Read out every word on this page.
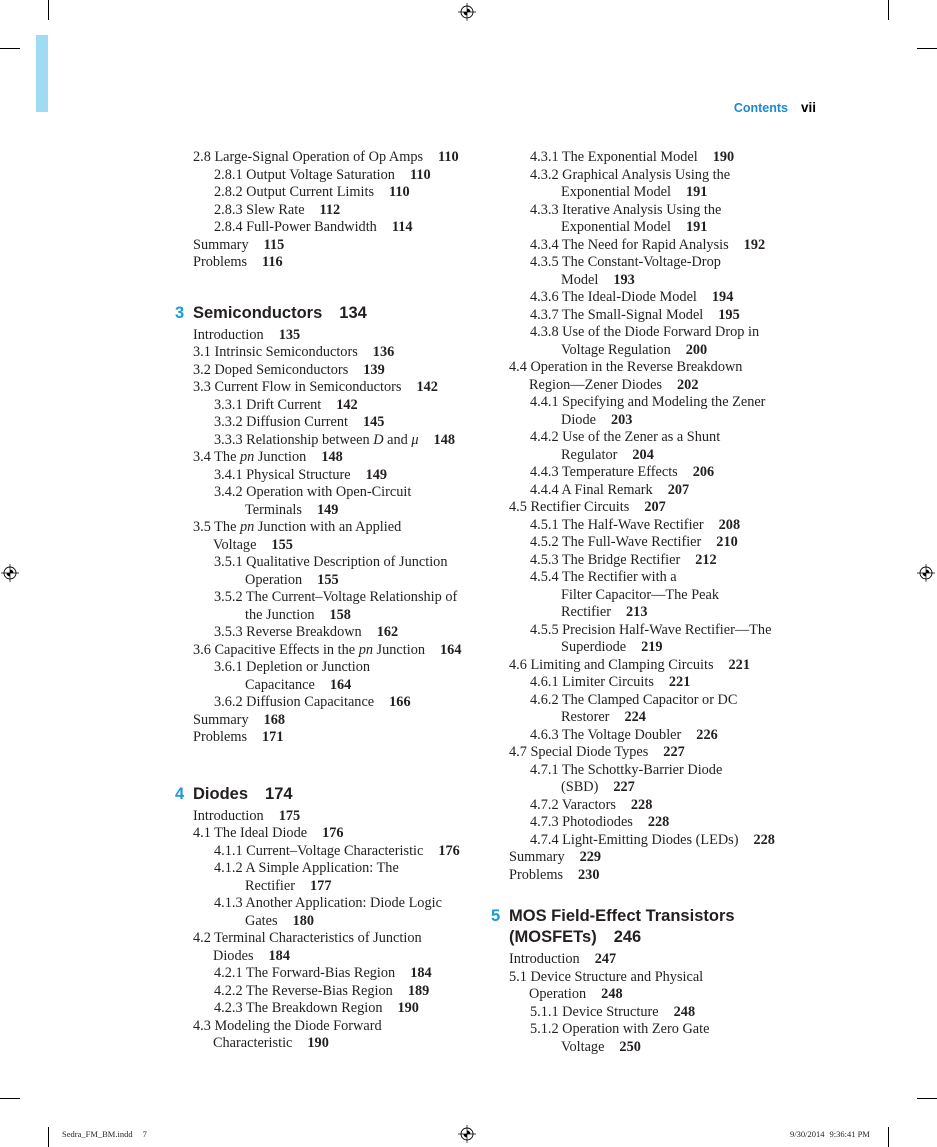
Contents vii
2.8 Large-Signal Operation of Op Amps 110
2.8.1 Output Voltage Saturation 110
2.8.2 Output Current Limits 110
2.8.3 Slew Rate 112
2.8.4 Full-Power Bandwidth 114
Summary 115
Problems 116
3 Semiconductors 134
Introduction 135
3.1 Intrinsic Semiconductors 136
3.2 Doped Semiconductors 139
3.3 Current Flow in Semiconductors 142
3.3.1 Drift Current 142
3.3.2 Diffusion Current 145
3.3.3 Relationship between D and μ 148
3.4 The pn Junction 148
3.4.1 Physical Structure 149
3.4.2 Operation with Open-Circuit
Terminals 149
3.5 The pn Junction with an Applied
Voltage 155
3.5.1 Qualitative Description of Junction
Operation 155
3.5.2 The Current–Voltage Relationship of
the Junction 158
3.5.3 Reverse Breakdown 162
3.6 Capacitive Effects in the pn Junction 164
3.6.1 Depletion or Junction
Capacitance 164
3.6.2 Diffusion Capacitance 166
Summary 168
Problems 171
4 Diodes 174
Introduction 175
4.1 The Ideal Diode 176
4.1.1 Current–Voltage Characteristic 176
4.1.2 A Simple Application: The
Rectifier 177
4.1.3 Another Application: Diode Logic
Gates 180
4.2 Terminal Characteristics of Junction
Diodes 184
4.2.1 The Forward-Bias Region 184
4.2.2 The Reverse-Bias Region 189
4.2.3 The Breakdown Region 190
4.3 Modeling the Diode Forward
Characteristic 190
4.3.1 The Exponential Model 190
4.3.2 Graphical Analysis Using the
Exponential Model 191
4.3.3 Iterative Analysis Using the
Exponential Model 191
4.3.4 The Need for Rapid Analysis 192
4.3.5 The Constant-Voltage-Drop
Model 193
4.3.6 The Ideal-Diode Model 194
4.3.7 The Small-Signal Model 195
4.3.8 Use of the Diode Forward Drop in
Voltage Regulation 200
4.4 Operation in the Reverse Breakdown
Region—Zener Diodes 202
4.4.1 Specifying and Modeling the Zener
Diode 203
4.4.2 Use of the Zener as a Shunt
Regulator 204
4.4.3 Temperature Effects 206
4.4.4 A Final Remark 207
4.5 Rectifier Circuits 207
4.5.1 The Half-Wave Rectifier 208
4.5.2 The Full-Wave Rectifier 210
4.5.3 The Bridge Rectifier 212
4.5.4 The Rectifier with a
Filter Capacitor—The Peak
Rectifier 213
4.5.5 Precision Half-Wave Rectifier—The
Superdiode 219
4.6 Limiting and Clamping Circuits 221
4.6.1 Limiter Circuits 221
4.6.2 The Clamped Capacitor or DC
Restorer 224
4.6.3 The Voltage Doubler 226
4.7 Special Diode Types 227
4.7.1 The Schottky-Barrier Diode
(SBD) 227
4.7.2 Varactors 228
4.7.3 Photodiodes 228
4.7.4 Light-Emitting Diodes (LEDs) 228
Summary 229
Problems 230
5 MOS Field-Effect Transistors
(MOSFETs) 246
Introduction 247
5.1 Device Structure and Physical
Operation 248
5.1.1 Device Structure 248
5.1.2 Operation with Zero Gate
Voltage 250
Sedra_FM_BM.indd 7	9/30/2014 9:36:41 PM
